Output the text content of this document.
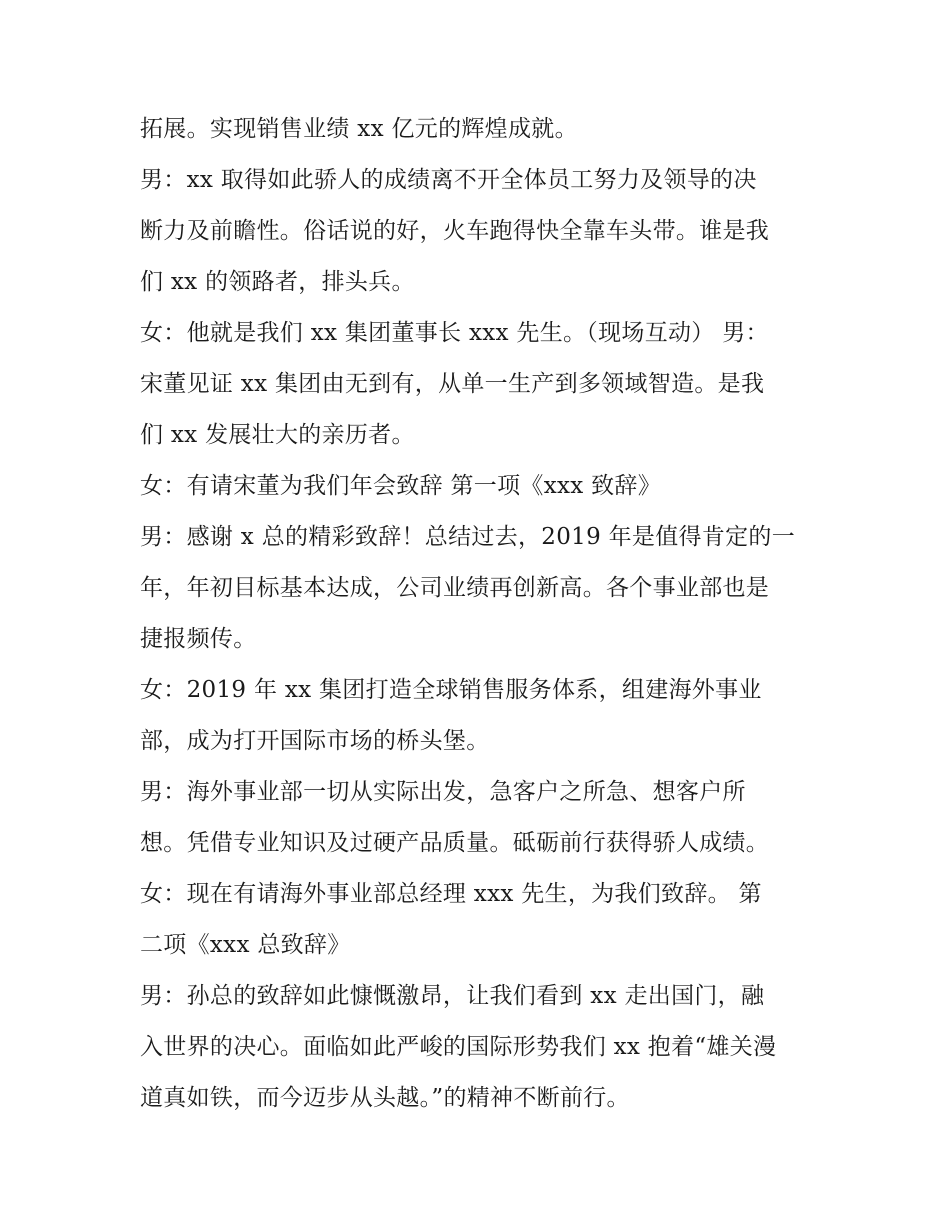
拓展。实现销售业绩 xx 亿元的辉煌成就。
男：xx 取得如此骄人的成绩离不开全体员工努力及领导的决
断力及前瞻性。俗话说的好，火车跑得快全靠车头带。谁是我
们 xx 的领路者，排头兵。
女：他就是我们 xx 集团董事长 xxx 先生。（现场互动） 男：
宋董见证 xx 集团由无到有，从单一生产到多领域智造。是我
们 xx 发展壮大的亲历者。
女：有请宋董为我们年会致辞 第一项《xxx 致辞》
男：感谢 x 总的精彩致辞！总结过去，2019 年是值得肯定的一
年，年初目标基本达成，公司业绩再创新高。各个事业部也是
捷报频传。
女：2019 年 xx 集团打造全球销售服务体系，组建海外事业
部，成为打开国际市场的桥头堡。
男：海外事业部一切从实际出发，急客户之所急、想客户所
想。凭借专业知识及过硬产品质量。砥砺前行获得骄人成绩。
女：现在有请海外事业部总经理 xxx 先生，为我们致辞。 第
二项《xxx 总致辞》
男：孙总的致辞如此慷慨激昂，让我们看到 xx 走出国门，融
入世界的决心。面临如此严峻的国际形势我们 xx 抱着“雄关漫
道真如铁，而今迈步从头越。”的精神不断前行。
